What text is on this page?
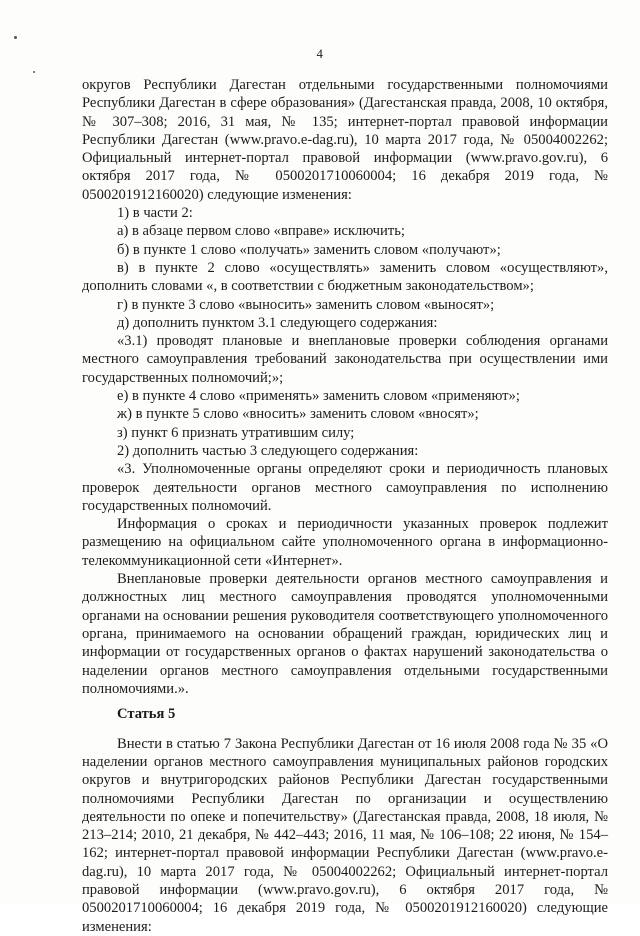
4

округов Республики Дагестан отдельными государственными полномочиями Республики Дагестан в сфере образования» (Дагестанская правда, 2008, 10 октября, № 307–308; 2016, 31 мая, № 135; интернет-портал правовой информации Республики Дагестан (www.pravo.e-dag.ru), 10 марта 2017 года, № 05004002262; Официальный интернет-портал правовой информации (www.pravo.gov.ru), 6 октября 2017 года, № 0500201710060004; 16 декабря 2019 года, № 0500201912160020) следующие изменения:

1) в части 2:

а) в абзаце первом слово «вправе» исключить;

б) в пункте 1 слово «получать» заменить словом «получают»;

в) в пункте 2 слово «осуществлять» заменить словом «осуществляют», дополнить словами «, в соответствии с бюджетным законодательством»;

г) в пункте 3 слово «выносить» заменить словом «выносят»;

д) дополнить пунктом 3.1 следующего содержания:

«3.1) проводят плановые и внеплановые проверки соблюдения органами местного самоуправления требований законодательства при осуществлении ими государственных полномочий;»;

е) в пункте 4 слово «применять» заменить словом «применяют»;

ж) в пункте 5 слово «вносить» заменить словом «вносят»;

з) пункт 6 признать утратившим силу;

2) дополнить частью 3 следующего содержания:

«3. Уполномоченные органы определяют сроки и периодичность плановых проверок деятельности органов местного самоуправления по исполнению государственных полномочий.

Информация о сроках и периодичности указанных проверок подлежит размещению на официальном сайте уполномоченного органа в информационно-телекоммуникационной сети «Интернет».

Внеплановые проверки деятельности органов местного самоуправления и должностных лиц местного самоуправления проводятся уполномоченными органами на основании решения руководителя соответствующего уполномоченного органа, принимаемого на основании обращений граждан, юридических лиц и информации от государственных органов о фактах нарушений законодательства о наделении органов местного самоуправления отдельными государственными полномочиями.».

Статья 5

Внести в статью 7 Закона Республики Дагестан от 16 июля 2008 года № 35 «О наделении органов местного самоуправления муниципальных районов городских округов и внутригородских районов Республики Дагестан государственными полномочиями Республики Дагестан по организации и осуществлению деятельности по опеке и попечительству» (Дагестанская правда, 2008, 18 июля, № 213–214; 2010, 21 декабря, № 442–443; 2016, 11 мая, № 106–108; 22 июня, № 154–162; интернет-портал правовой информации Республики Дагестан (www.pravo.e-dag.ru), 10 марта 2017 года, № 05004002262; Официальный интернет-портал правовой информации (www.pravo.gov.ru), 6 октября 2017 года, № 0500201710060004; 16 декабря 2019 года, № 0500201912160020) следующие изменения:
